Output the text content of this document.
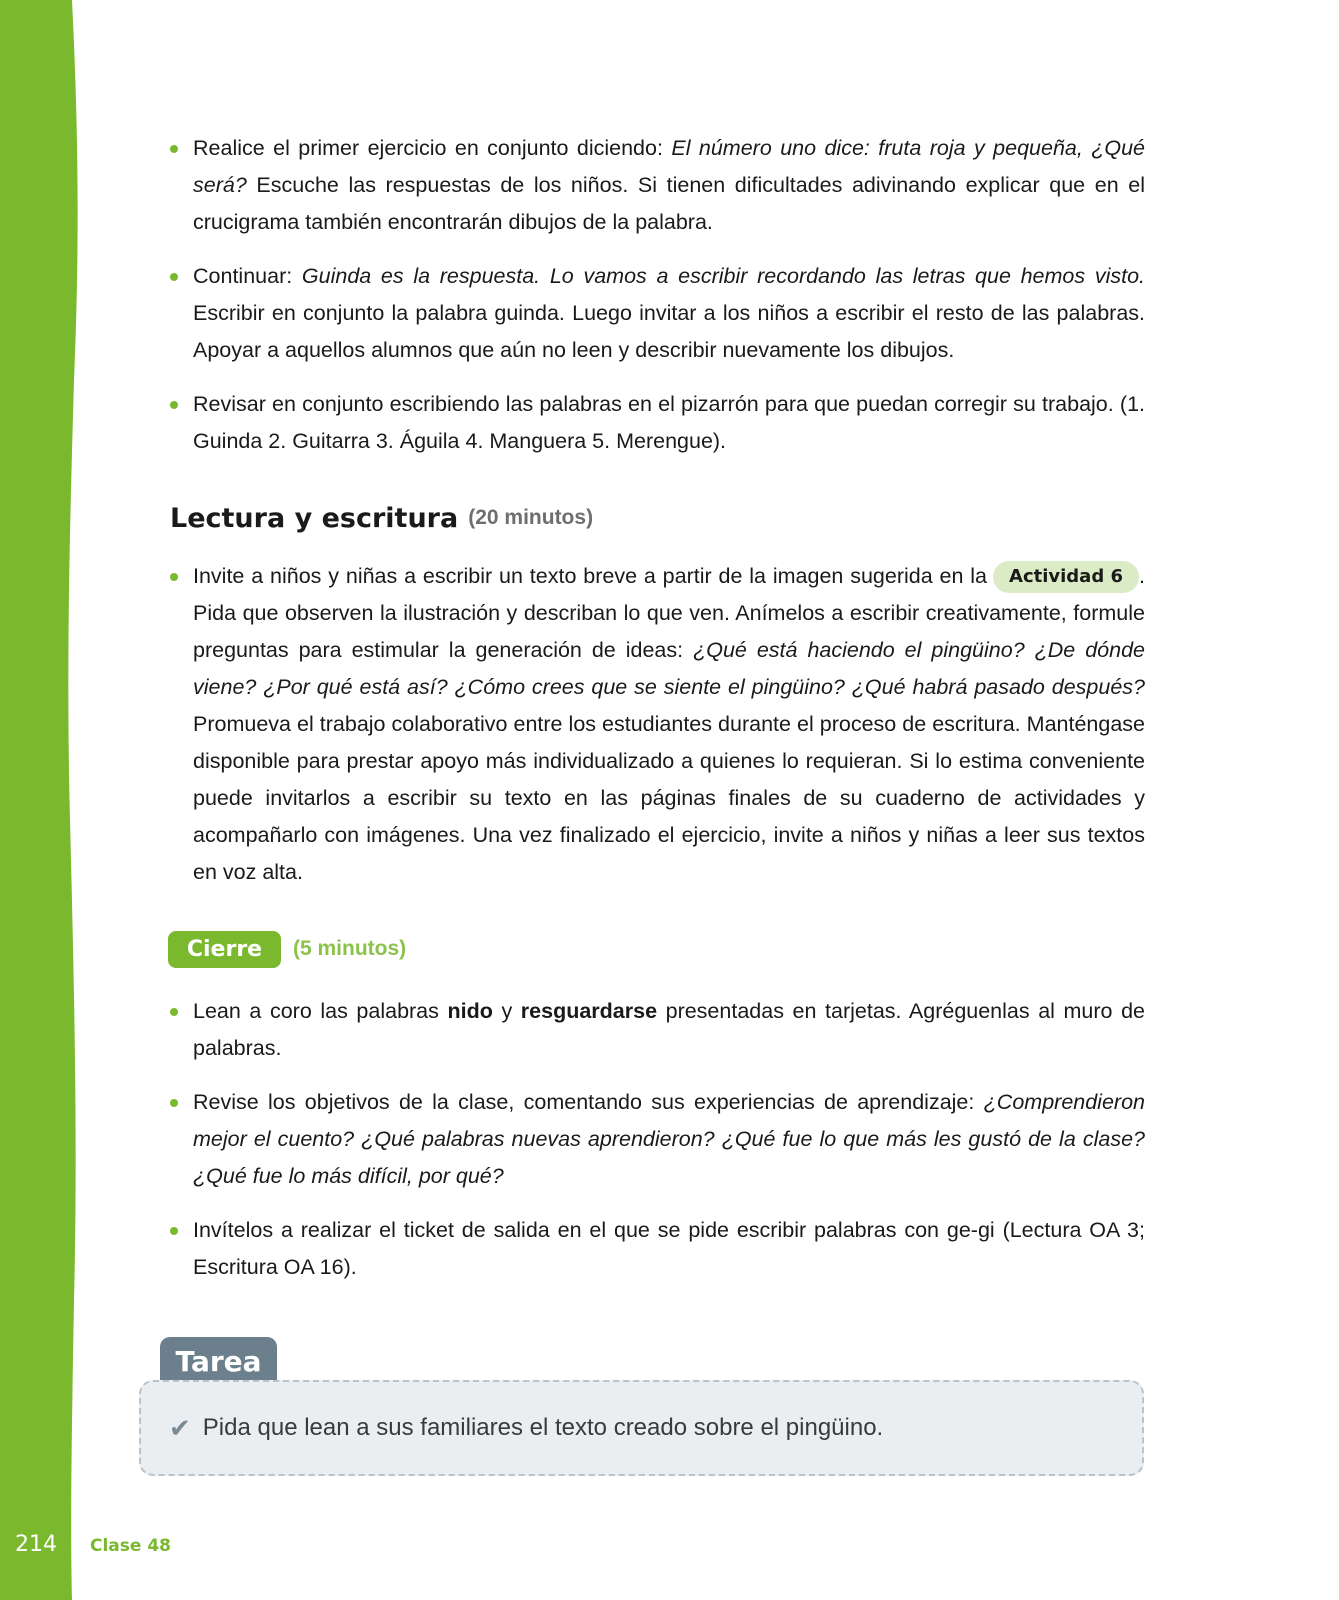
214	Clase 48
Realice el primer ejercicio en conjunto diciendo: El número uno dice: fruta roja y pequeña, ¿Qué será? Escuche las respuestas de los niños. Si tienen dificultades adivinando explicar que en el crucigrama también encontrarán dibujos de la palabra.
Continuar: Guinda es la respuesta. Lo vamos a escribir recordando las letras que hemos visto. Escribir en conjunto la palabra guinda. Luego invitar a los niños a escribir el resto de las palabras. Apoyar a aquellos alumnos que aún no leen y describir nuevamente los dibujos.
Revisar en conjunto escribiendo las palabras en el pizarrón para que puedan corregir su trabajo. (1. Guinda 2. Guitarra 3. Águila 4. Manguera 5. Merengue).
Lectura y escritura (20 minutos)
Invite a niños y niñas a escribir un texto breve a partir de la imagen sugerida en la Actividad 6 . Pida que observen la ilustración y describan lo que ven. Anímelos a escribir creativamente, formule preguntas para estimular la generación de ideas: ¿Qué está haciendo el pingüino? ¿De dónde viene? ¿Por qué está así? ¿Cómo crees que se siente el pingüino? ¿Qué habrá pasado después? Promueva el trabajo colaborativo entre los estudiantes durante el proceso de escritura. Manténgase disponible para prestar apoyo más individualizado a quienes lo requieran. Si lo estima conveniente puede invitarlos a escribir su texto en las páginas finales de su cuaderno de actividades y acompañarlo con imágenes. Una vez finalizado el ejercicio, invite a niños y niñas a leer sus textos en voz alta.
Cierre	(5 minutos)
Lean a coro las palabras nido y resguardarse presentadas en tarjetas. Agréguenlas al muro de palabras.
Revise los objetivos de la clase, comentando sus experiencias de aprendizaje: ¿Comprendieron mejor el cuento? ¿Qué palabras nuevas aprendieron? ¿Qué fue lo que más les gustó de la clase? ¿Qué fue lo más difícil, por qué?
Invítelos a realizar el ticket de salida en el que se pide escribir palabras con ge-gi (Lectura OA 3; Escritura OA 16).
Tarea
✔ Pida que lean a sus familiares el texto creado sobre el pingüino.
